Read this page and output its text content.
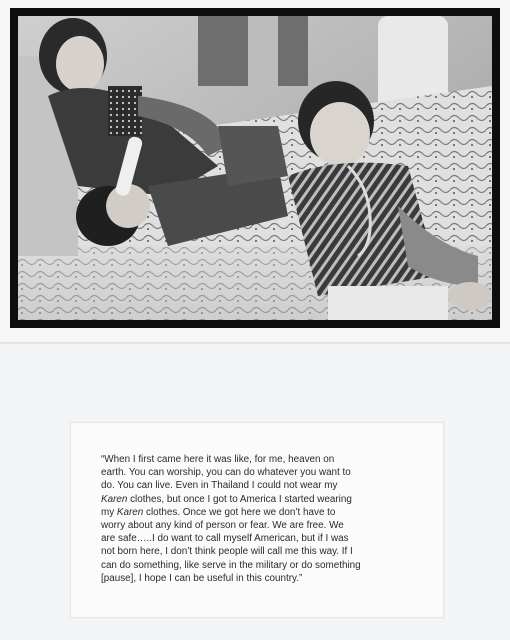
“When I first came here it was like, for me, heaven on
earth. You can worship, you can do whatever you want to
do. You can live. Even in Thailand I could not wear my
Karen clothes, but once I got to America I started wearing
my Karen clothes. Once we got here we don’t have to
worry about any kind of person or fear. We are free. We
are safe…..I do want to call myself American, but if I was
not born here, I don’t think people will call me this way. If I
can do something, like serve in the military or do something
[pause], I hope I can be useful in this country.”
